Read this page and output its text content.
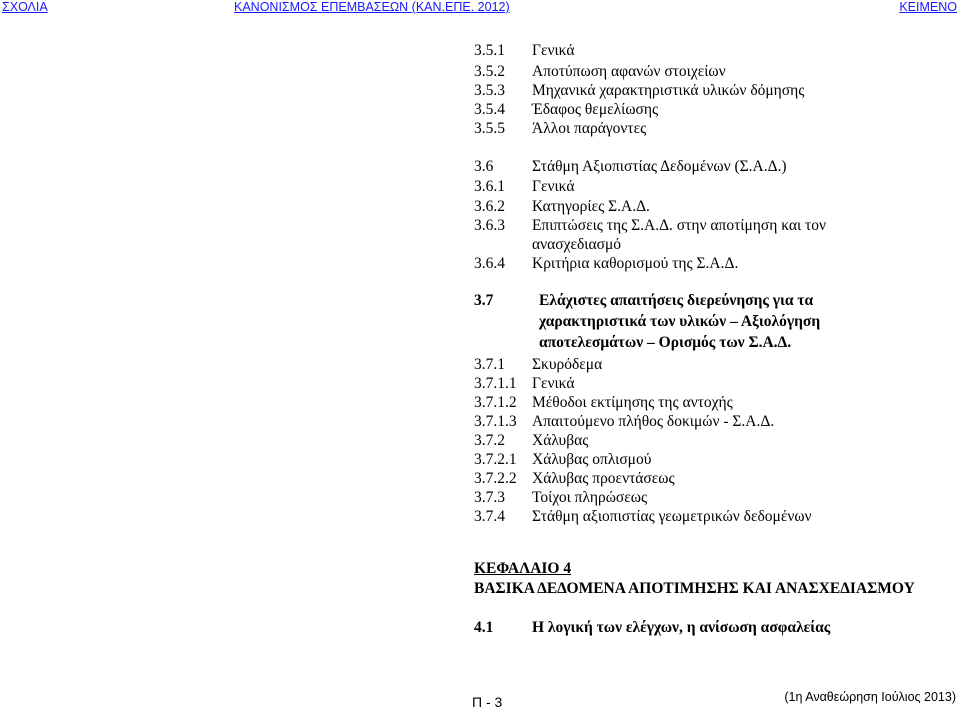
ΣΧΟΛΙΑ	ΚΑΝΟΝΙΣΜΟΣ ΕΠΕΜΒΑΣΕΩΝ (ΚΑΝ.ΕΠΕ. 2012)	ΚΕΙΜΕΝΟ
3.5.1 Γενικά
3.5.2 Αποτύπωση αφανών στοιχείων
3.5.3 Μηχανικά χαρακτηριστικά υλικών δόμησης
3.5.4 Έδαφος θεμελίωσης
3.5.5 Άλλοι παράγοντες
3.6 Στάθμη Αξιοπιστίας Δεδομένων (Σ.Α.Δ.)
3.6.1 Γενικά
3.6.2 Κατηγορίες Σ.Α.Δ.
3.6.3 Επιπτώσεις της Σ.Α.Δ. στην αποτίμηση και τον
ανασχεδιασμό
3.6.4 Κριτήρια καθορισμού της Σ.Α.Δ.
3.7	Ελάχιστες απαιτήσεις διερεύνησης για τα
χαρακτηριστικά των υλικών – Αξιολόγηση
αποτελεσμάτων – Ορισμός των Σ.Α.Δ.
3.7.1 Σκυρόδεμα
3.7.1.1 Γενικά
3.7.1.2 Μέθοδοι εκτίμησης της αντοχής
3.7.1.3 Απαιτούμενο πλήθος δοκιμών - Σ.Α.Δ.
3.7.2 Χάλυβας
3.7.2.1 Χάλυβας οπλισμού
3.7.2.2 Χάλυβας προεντάσεως
3.7.3 Τοίχοι πληρώσεως
3.7.4 Στάθμη αξιοπιστίας γεωμετρικών δεδομένων
ΚΕΦΑΛΑΙΟ 4
ΒΑΣΙΚΑ ΔΕΔΟΜΕΝΑ ΑΠΟΤΙΜΗΣΗΣ ΚΑΙ ΑΝΑΣΧΕΔΙΑΣΜΟΥ
4.1 Η λογική των ελέγχων, η ανίσωση ασφαλείας
Π - 3	(1η Αναθεώρηση Ιούλιος 2013)
